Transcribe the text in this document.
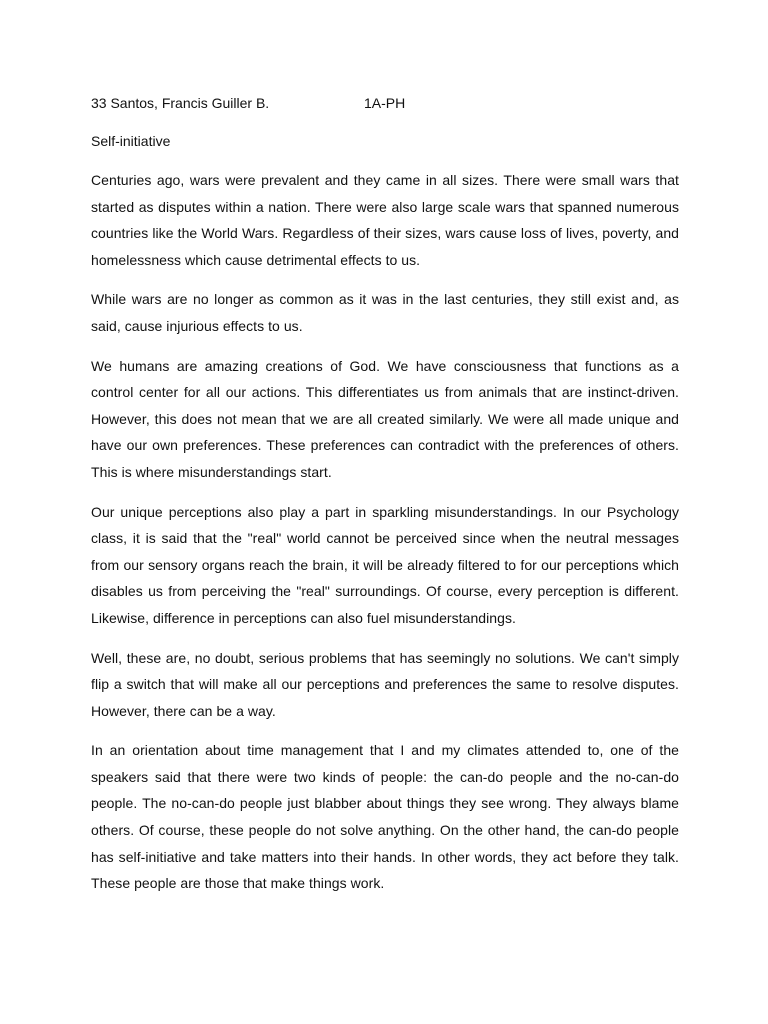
33 Santos, Francis Guiller B.	1A-PH
Self-initiative

Centuries ago, wars were prevalent and they came in all sizes. There were small wars that started as disputes within a nation. There were also large scale wars that spanned numerous countries like the World Wars. Regardless of their sizes, wars cause loss of lives, poverty, and homelessness which cause detrimental effects to us.

While wars are no longer as common as it was in the last centuries, they still exist and, as said, cause injurious effects to us.

We humans are amazing creations of God. We have consciousness that functions as a control center for all our actions. This differentiates us from animals that are instinct-driven. However, this does not mean that we are all created similarly. We were all made unique and have our own preferences. These preferences can contradict with the preferences of others. This is where misunderstandings start.

Our unique perceptions also play a part in sparkling misunderstandings. In our Psychology class, it is said that the "real" world cannot be perceived since when the neutral messages from our sensory organs reach the brain, it will be already filtered to for our perceptions which disables us from perceiving the "real" surroundings. Of course, every perception is different. Likewise, difference in perceptions can also fuel misunderstandings.

Well, these are, no doubt, serious problems that has seemingly no solutions. We can't simply flip a switch that will make all our perceptions and preferences the same to resolve disputes. However, there can be a way.

In an orientation about time management that I and my climates attended to, one of the speakers said that there were two kinds of people: the can-do people and the no-can-do people. The no-can-do people just blabber about things they see wrong. They always blame others. Of course, these people do not solve anything. On the other hand, the can-do people has self-initiative and take matters into their hands. In other words, they act before they talk. These people are those that make things work.
